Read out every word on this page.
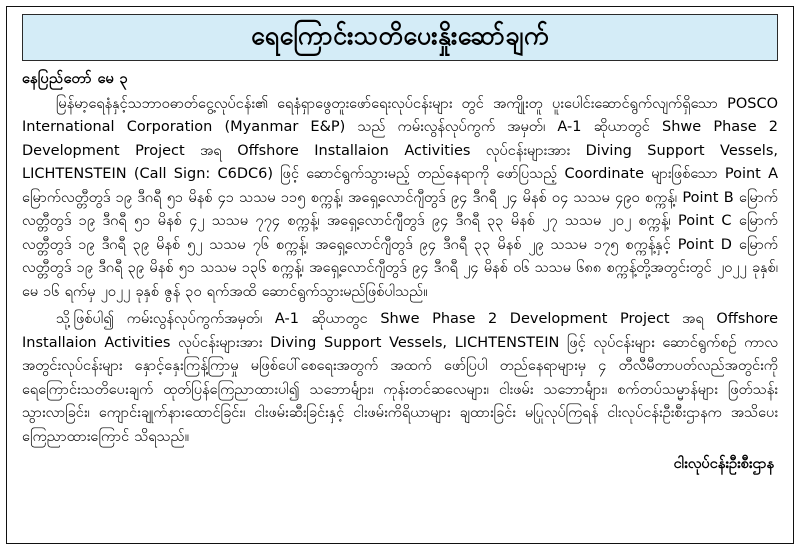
ရေကြောင်းသတိပေးနှိုးဆော်ချက်
နေပြည်တော် မေ ၃

မြန်မာ့ရေနံနှင့်သဘာဝဓာတ်ငွေ့လုပ်ငန်း၏ ရေနံရှာဖွေတူးဖော်ရေးလုပ်ငန်းများ တွင် အကျိုးတူ ပူးပေါင်းဆောင်ရွက်လျက်ရှိသော POSCO International Corporation (Myanmar E&P) သည် ကမ်းလွန်လုပ်ကွက် အမှတ်၊ A-1 ဆိုယာတွင် Shwe Phase 2 Development Project အရ Offshore Installaion Activities လုပ်ငန်းများအား Diving Support Vessels, LICHTENSTEIN (Call Sign: C6DC6) ဖြင့် ဆောင်ရွက်သွားမည့် တည်နေရာကို ဖော်ပြသည့် Coordinate များဖြစ်သော Point A မြောက်လတ္တီတွဒ် ၁၉ ဒီဂရီ ၅၁ မိနစ် ၄၁ သသမ ၁၁၅ စက္ကန့်၊ အရှေ့လောင်ဂျီတွဒ် ၉၄ ဒီဂရီ ၂၄ မိနစ် ၀၄ သသမ ၄၉၀ စက္ကန့်၊ Point B မြောက်လတ္တီတွဒ် ၁၉ ဒီဂရီ ၅၁ မိနစ် ၄၂ သသမ ၇၇၄ စက္ကန့်၊ အရှေ့လောင်ဂျီတွဒ် ၉၄ ဒီဂရီ ၃၃ မိနစ် ၂၇ သသမ ၂၀၂ စက္ကန့်၊ Point C မြောက်လတ္တီတွဒ် ၁၉ ဒီဂရီ ၃၉ မိနစ် ၅၂ သသမ ၇၆ စက္ကန့်၊ အရှေ့လောင်ဂျီတွဒ် ၉၄ ဒီဂရီ ၃၃ မိနစ် ၂၉ သသမ ၁၇၅ စက္ကန့်နှင့် Point D မြောက်လတ္တီတွဒ် ၁၉ ဒီဂရီ ၃၉ မိနစ် ၅၁ သသမ ၁၃၆ စက္ကန့်၊ အရှေ့လောင်ဂျီတွဒ် ၉၄ ဒီဂရီ ၂၄ မိနစ် ၀၆ သသမ ၆၈၈ စက္ကန့်တို့အတွင်းတွင် ၂၀၂၂ ခုနှစ်၊ မေ ၁၆ ရက်မှ ၂၀၂၂ ခုနှစ် ဇွန် ၃၀ ရက်အထိ ဆောင်ရွက်သွားမည်ဖြစ်ပါသည်။

သို့ဖြစ်ပါ၍ ကမ်းလွန်လုပ်ကွက်အမှတ်၊ A-1 ဆိုယာတွင Shwe Phase 2 Development Project အရ Offshore Installaion Activities လုပ်ငန်းများအား Diving Support Vessels, LICHTENSTEIN ဖြင့် လုပ်ငန်းများ ဆောင်ရွက်စဉ် ကာလအတွင်းလုပ်ငန်းများ နှောင့်နှေးကြန့်ကြာမှု မဖြစ်ပေါ်စေရေးအတွက် အထက် ဖော်ပြပါ တည်နေရာများမှ ၄ တီလီမီတာပတ်လည်အတွင်းကို ရေကြောင်းသတိပေးချက် ထုတ်ပြန်ကြေညာထားပါ၍ သဘောင်္များ၊ ကုန်းတင်ဆလေများ၊ ငါးဖမ်း သဘောင်္များ၊ စက်တပ်သမ္မာန်များ ဖြတ်သန်းသွားလာခြင်း၊ ကျောင်းချုက်နားထောင်ခြင်း၊ ငါးဖမ်းဆီးခြင်းနှင့် ငါးဖမ်းကိရိယာများ ချထားခြင်း မပြုလုပ်ကြရန် ငါးလုပ်ငန်းဦးစီးဌာနက အသိပေးကြေညာထားကြောင် သိရသည်။

ငါးလုပ်ငန်းဦးစီးဌာန
